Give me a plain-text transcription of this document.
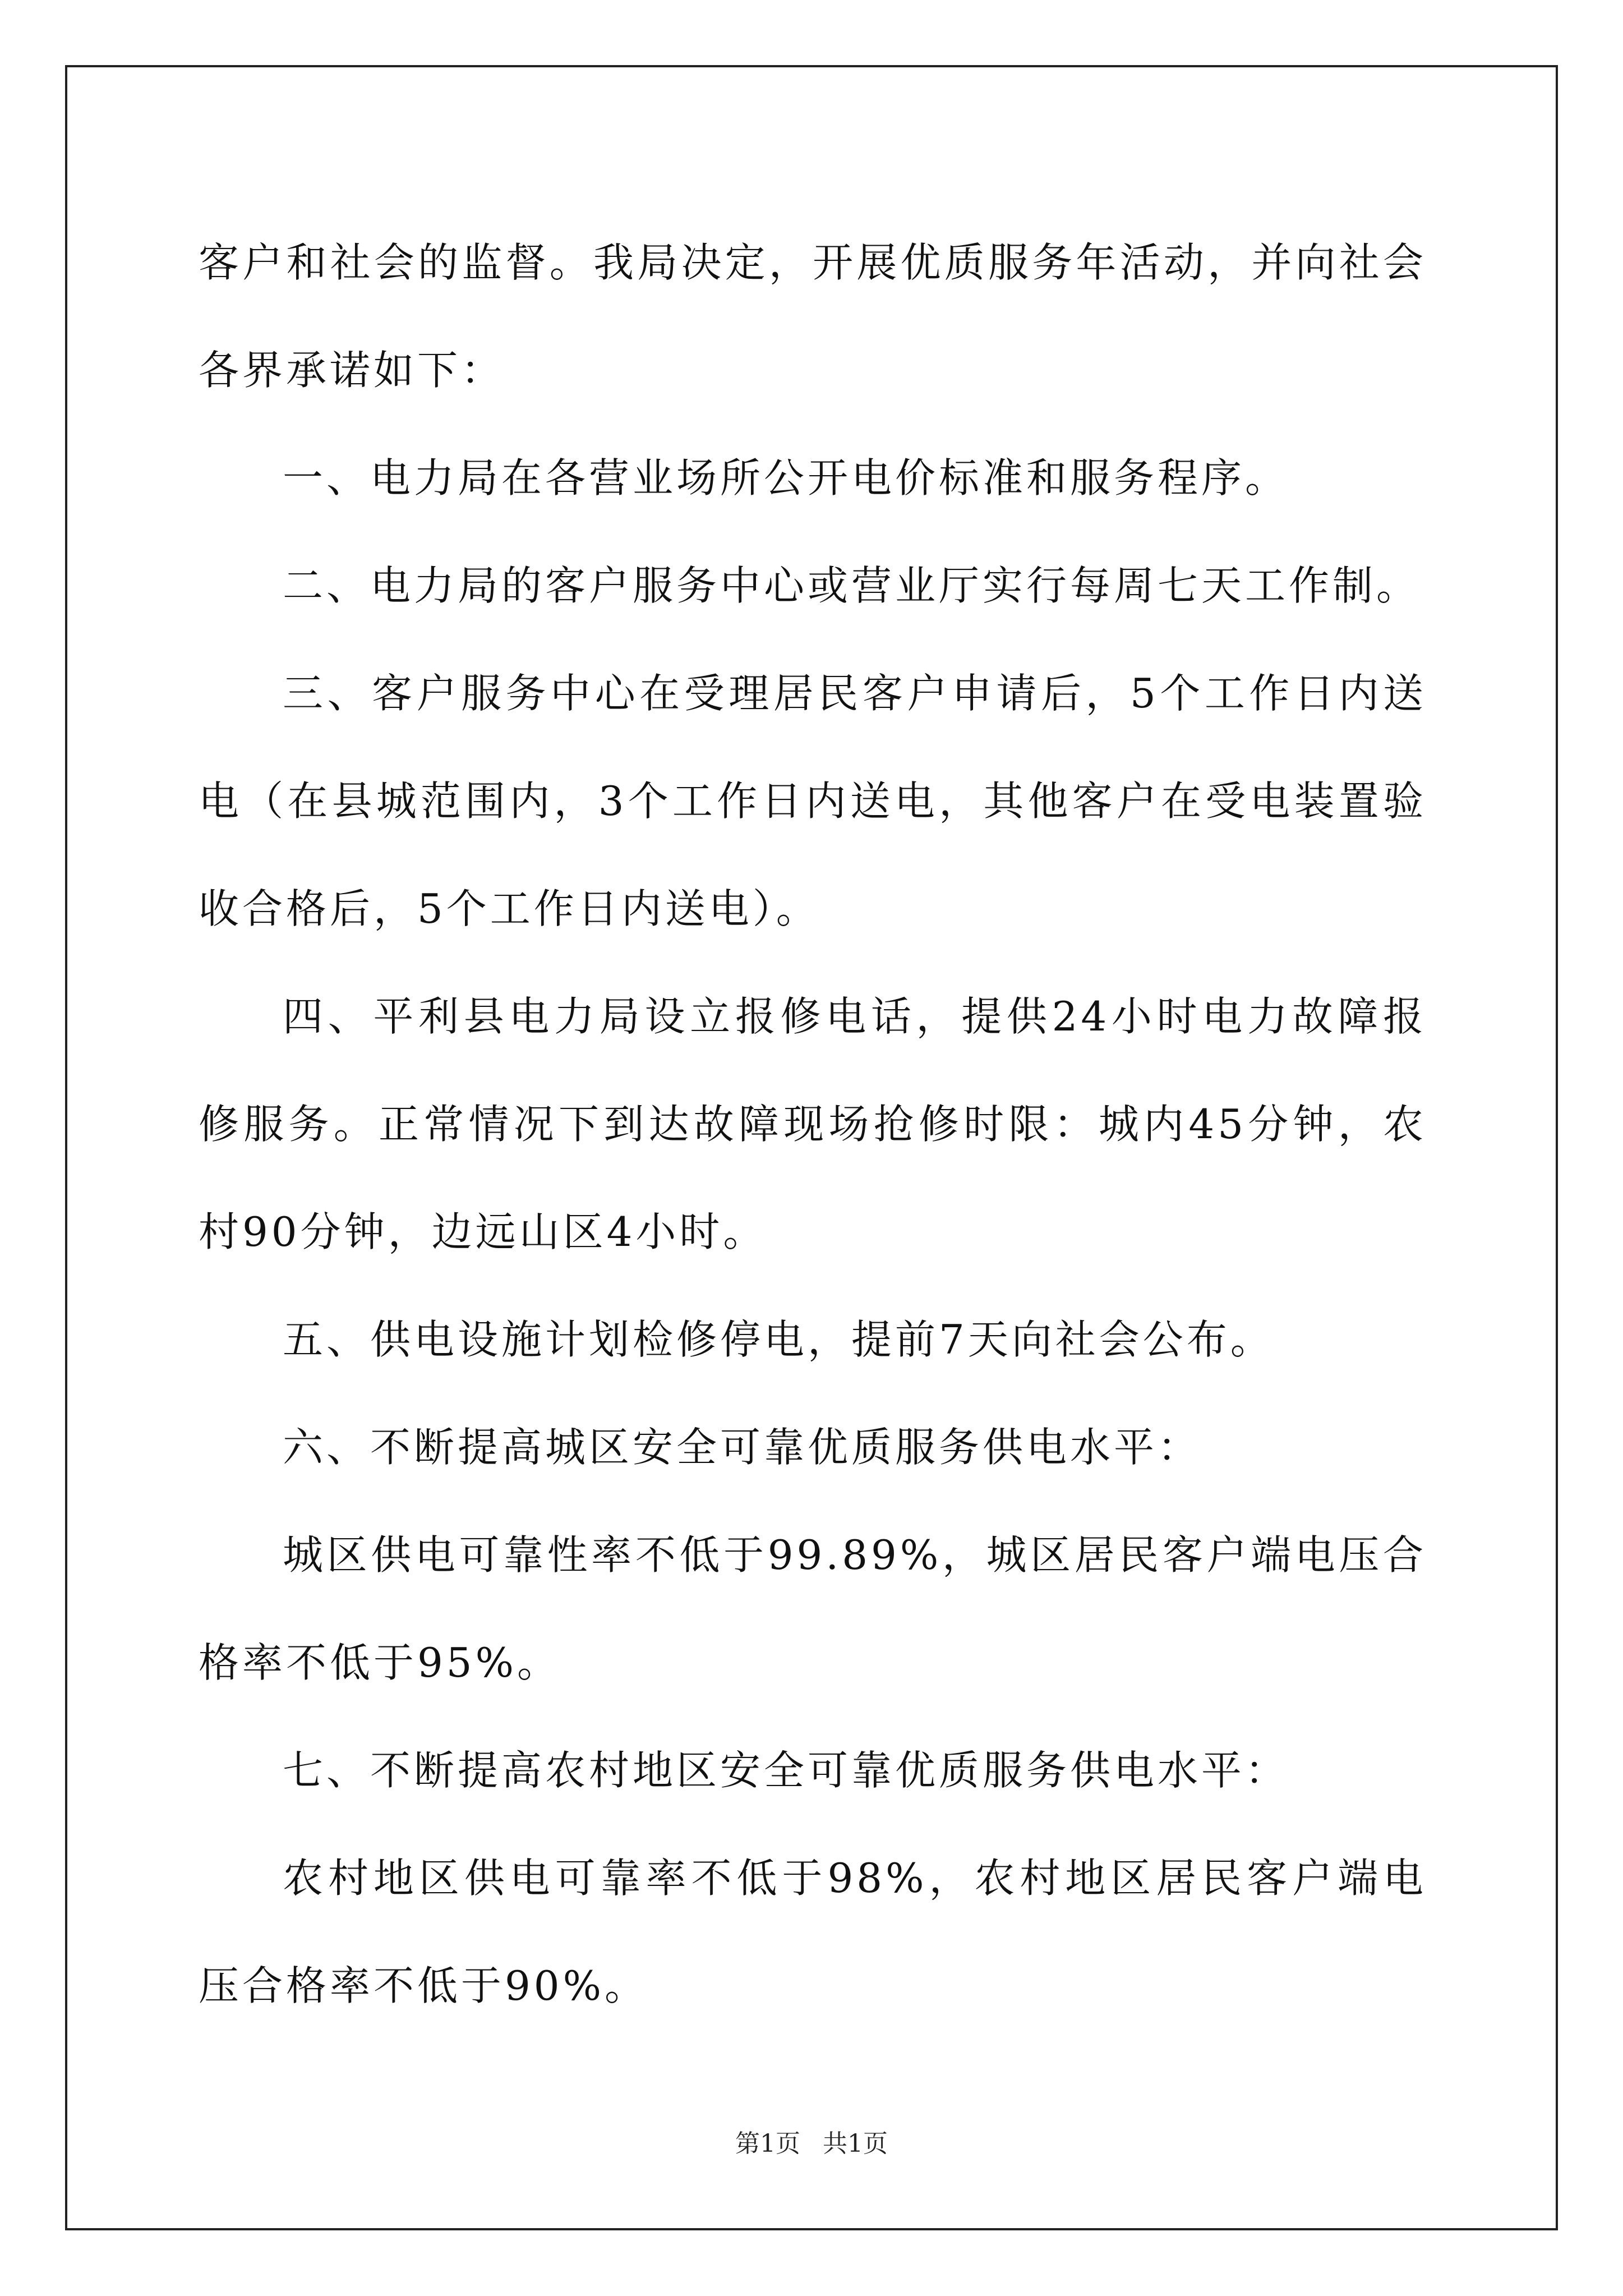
客户和社会的监督。我局决定，开展优质服务年活动，并向社会各界承诺如下：

一、电力局在各营业场所公开电价标准和服务程序。

二、电力局的客户服务中心或营业厅实行每周七天工作制。

三、客户服务中心在受理居民客户申请后，5个工作日内送电（在县城范围内，3个工作日内送电，其他客户在受电装置验收合格后，5个工作日内送电）。

四、平利县电力局设立报修电话，提供24小时电力故障报修服务。正常情况下到达故障现场抢修时限：城内45分钟，农村90分钟，边远山区4小时。

五、供电设施计划检修停电，提前7天向社会公布。

六、不断提高城区安全可靠优质服务供电水平：

城区供电可靠性率不低于99.89%，城区居民客户端电压合格率不低于95%。

七、不断提高农村地区安全可靠优质服务供电水平：

农村地区供电可靠率不低于98%，农村地区居民客户端电压合格率不低于90%。

第1页 共1页
